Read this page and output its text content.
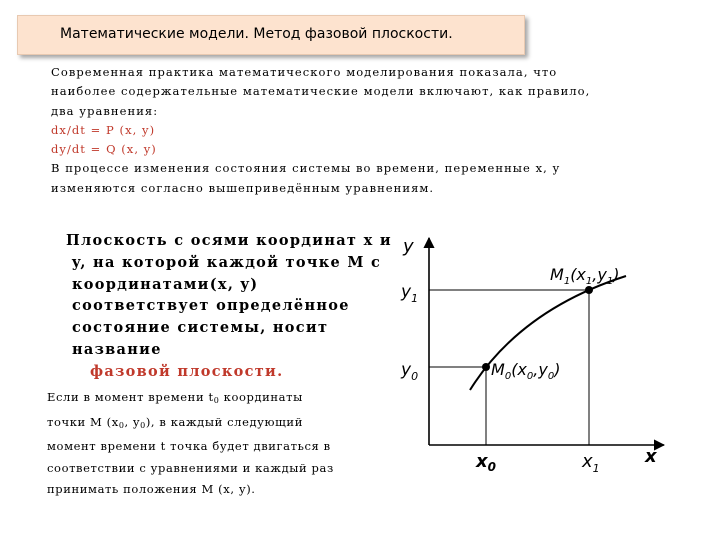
Математические модели. Метод фазовой плоскости.
Современная практика математического моделирования показала, что
наиболее содержательные математические модели включают, как правило,
два уравнения:
dx/dt = P (x, y)
dy/dt = Q (x, y)
В процессе изменения состояния системы во времени, переменные х, у
изменяются согласно вышеприведённым уравнениям.
Плоскость с осями координат x и
y, на которой каждой точке M с
координатами(x, y)
соответствует определённое
состояние системы, носит
название
фазовой плоскости.
Если в момент времени $t_0$ координаты
точки М ($x_0$, $y_0$), в каждый следующий
момент времени t точка будет двигаться в
соответствии с уравнениями и каждый раз
принимать положения М (х, у).
y
x
$y_1$
$y_0$
$x_0$	$x_1$
$M_1(x_1,y_1)$
$M_0(x_0,y_0)$
